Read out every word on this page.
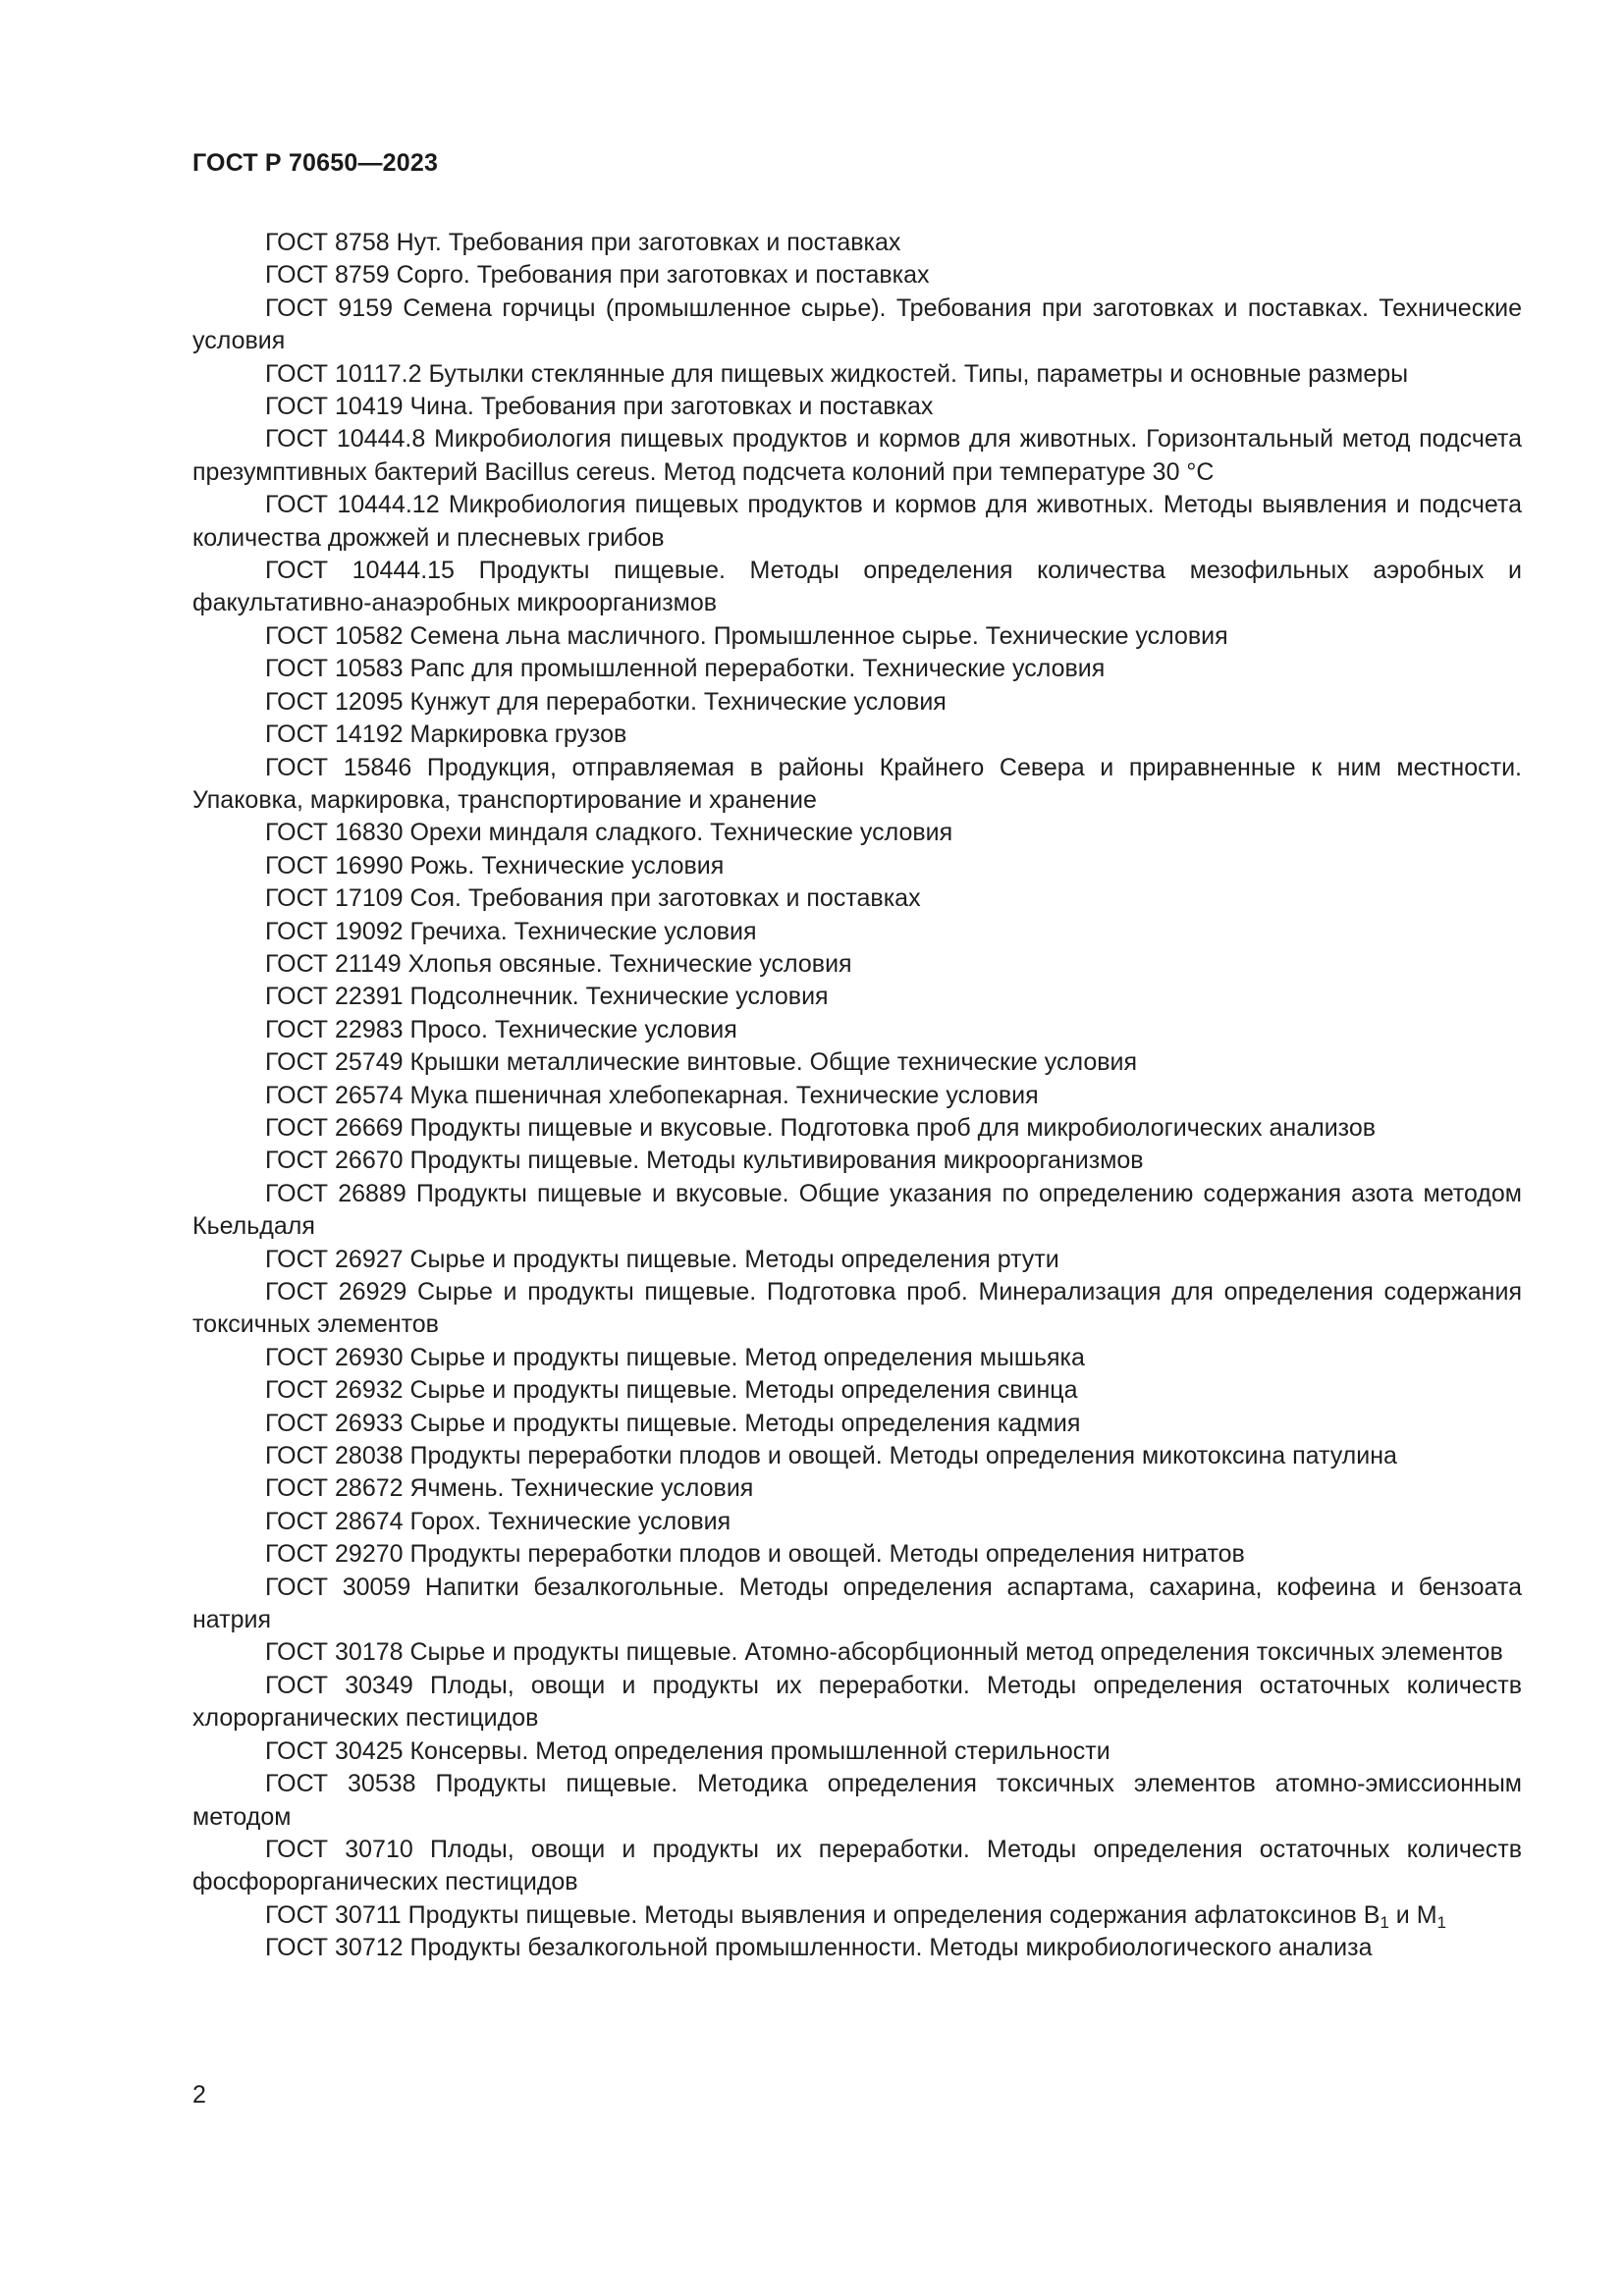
ГОСТ Р 70650—2023

ГОСТ 8758 Нут. Требования при заготовках и поставках

ГОСТ 8759 Сорго. Требования при заготовках и поставках

ГОСТ 9159 Семена горчицы (промышленное сырье). Требования при заготовках и поставках. Технические условия

ГОСТ 10117.2 Бутылки стеклянные для пищевых жидкостей. Типы, параметры и основные размеры

ГОСТ 10419 Чина. Требования при заготовках и поставках

ГОСТ 10444.8 Микробиология пищевых продуктов и кормов для животных. Горизонтальный метод подсчета презумптивных бактерий Bacillus cereus. Метод подсчета колоний при температуре 30 °С

ГОСТ 10444.12 Микробиология пищевых продуктов и кормов для животных. Методы выявления и подсчета количества дрожжей и плесневых грибов

ГОСТ 10444.15 Продукты пищевые. Методы определения количества мезофильных аэробных и факультативно-анаэробных микроорганизмов

ГОСТ 10582 Семена льна масличного. Промышленное сырье. Технические условия

ГОСТ 10583 Рапс для промышленной переработки. Технические условия

ГОСТ 12095 Кунжут для переработки. Технические условия

ГОСТ 14192 Маркировка грузов

ГОСТ 15846 Продукция, отправляемая в районы Крайнего Севера и приравненные к ним местности. Упаковка, маркировка, транспортирование и хранение

ГОСТ 16830 Орехи миндаля сладкого. Технические условия

ГОСТ 16990 Рожь. Технические условия

ГОСТ 17109 Соя. Требования при заготовках и поставках

ГОСТ 19092 Гречиха. Технические условия

ГОСТ 21149 Хлопья овсяные. Технические условия

ГОСТ 22391 Подсолнечник. Технические условия

ГОСТ 22983 Просо. Технические условия

ГОСТ 25749 Крышки металлические винтовые. Общие технические условия

ГОСТ 26574 Мука пшеничная хлебопекарная. Технические условия

ГОСТ 26669 Продукты пищевые и вкусовые. Подготовка проб для микробиологических анализов

ГОСТ 26670 Продукты пищевые. Методы культивирования микроорганизмов

ГОСТ 26889 Продукты пищевые и вкусовые. Общие указания по определению содержания азота методом Кьельдаля

ГОСТ 26927 Сырье и продукты пищевые. Методы определения ртути

ГОСТ 26929 Сырье и продукты пищевые. Подготовка проб. Минерализация для определения содержания токсичных элементов

ГОСТ 26930 Сырье и продукты пищевые. Метод определения мышьяка

ГОСТ 26932 Сырье и продукты пищевые. Методы определения свинца

ГОСТ 26933 Сырье и продукты пищевые. Методы определения кадмия

ГОСТ 28038 Продукты переработки плодов и овощей. Методы определения микотоксина патулина

ГОСТ 28672 Ячмень. Технические условия

ГОСТ 28674 Горох. Технические условия

ГОСТ 29270 Продукты переработки плодов и овощей. Методы определения нитратов

ГОСТ 30059 Напитки безалкогольные. Методы определения аспартама, сахарина, кофеина и бензоата натрия

ГОСТ 30178 Сырье и продукты пищевые. Атомно-абсорбционный метод определения токсичных элементов

ГОСТ 30349 Плоды, овощи и продукты их переработки. Методы определения остаточных количеств хлорорганических пестицидов

ГОСТ 30425 Консервы. Метод определения промышленной стерильности

ГОСТ 30538 Продукты пищевые. Методика определения токсичных элементов атомно-эмиссионным методом

ГОСТ 30710 Плоды, овощи и продукты их переработки. Методы определения остаточных количеств фосфорорганических пестицидов

ГОСТ 30711 Продукты пищевые. Методы выявления и определения содержания афлатоксинов $В_1$ и $М_1$

ГОСТ 30712 Продукты безалкогольной промышленности. Методы микробиологического анализа

2
